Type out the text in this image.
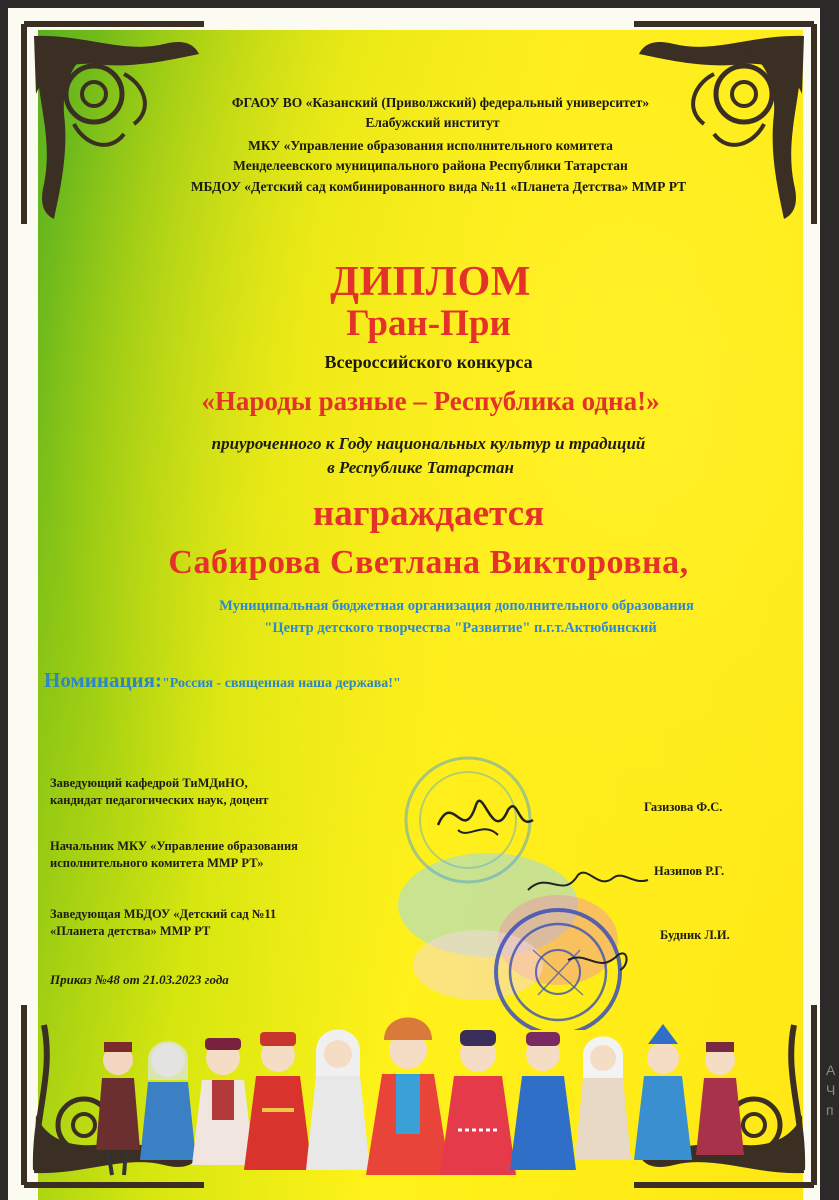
А
Ч
п
ФГАОУ ВО «Казанский (Приволжский) федеральный университет»
Елабужский институт
МКУ «Управление образования исполнительного комитета
Менделеевского муниципального района Республики Татарстан
МБДОУ «Детский сад комбинированного вида №11 «Планета Детства» ММР РТ
ДИПЛОМ
Гран-При
Всероссийского конкурса
«Народы разные – Республика одна!»
приуроченного к Году национальных культур и традиций
в Республике Татарстан
награждается
Сабирова Светлана Викторовна,
Муниципальная бюджетная организация дополнительного образования
"Центр детского творчества "Развитие" п.г.т.Актюбинский
Номинация:"Россия - священная наша держава!"
Заведующий кафедрой ТиМДиНО,
кандидат педагогических наук, доцент	Газизова Ф.С.
Начальник МКУ «Управление образования
исполнительного комитета ММР РТ»
Назипов Р.Г.
Заведующая МБДОУ «Детский сад №11
«Планета детства» ММР РТ	Будник Л.И.
Приказ №48 от 21.03.2023 года
